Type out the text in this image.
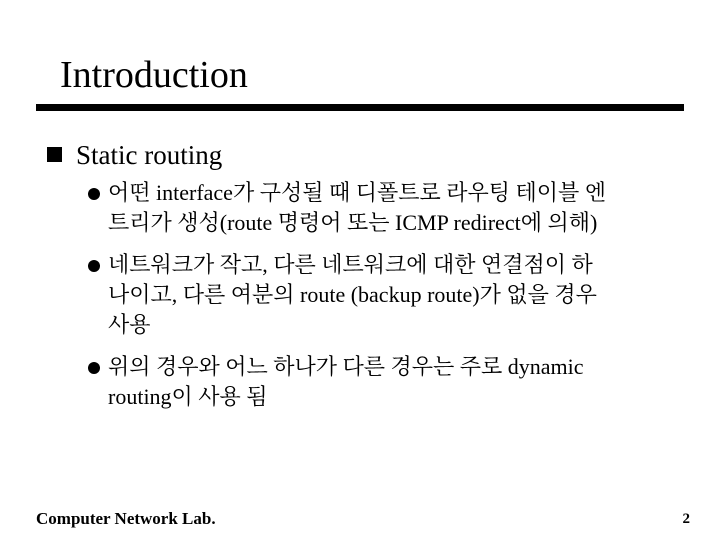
Introduction
Static routing
어떤 interface가 구성될 때 디폴트로 라우팅 테이블 엔
트리가 생성(route 명령어 또는 ICMP redirect에 의해)
네트워크가 작고, 다른 네트워크에 대한 연결점이 하
나이고, 다른 여분의 route (backup route)가 없을 경우
사용
위의 경우와 어느 하나가 다른 경우는 주로 dynamic
routing이 사용 됨
Computer Network Lab.	2
